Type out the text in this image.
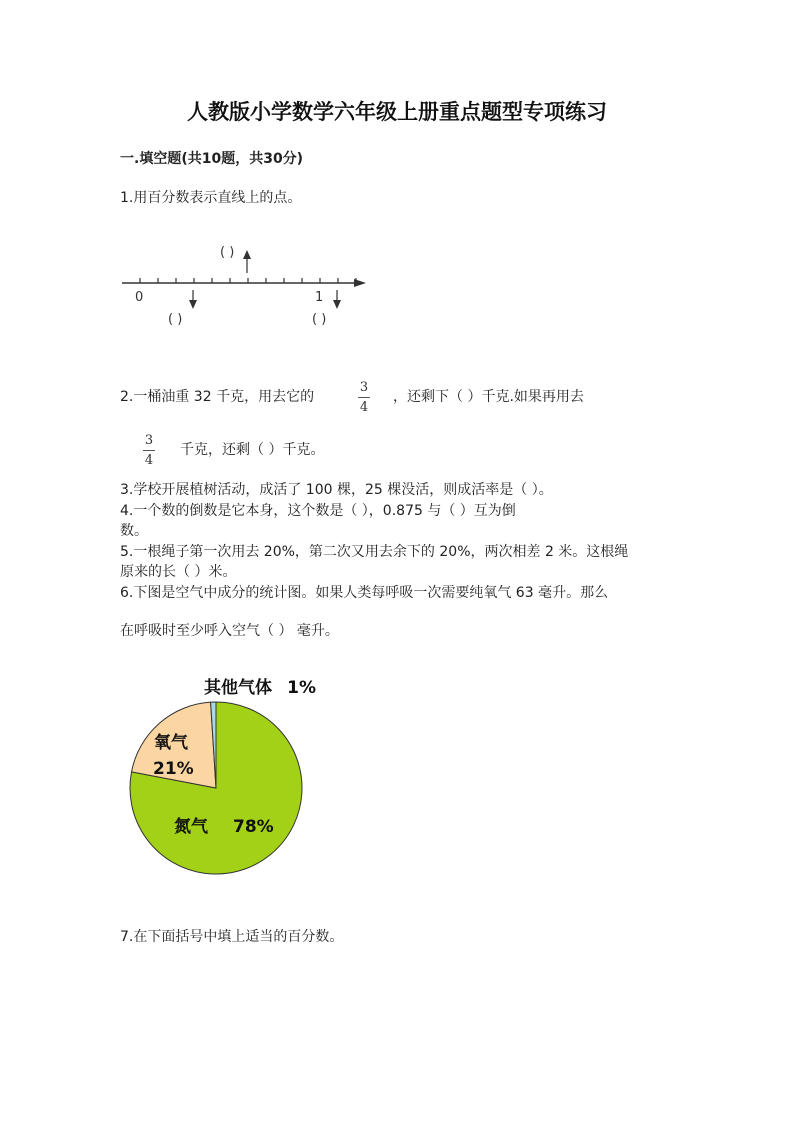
人教版小学数学六年级上册重点题型专项练习
一.填空题(共10题，共30分)
1.用百分数表示直线上的点。
0	1
( )
( )	( )
2.一桶油重 32 千克，用去它的
3
4
，还剩下（ ）千克.如果再用去
3
4
千克，还剩（ ）千克。
3.学校开展植树活动，成活了 100 棵，25 棵没活，则成活率是（ ）。
4.一个数的倒数是它本身，这个数是（ ），0.875 与（ ）互为倒
数。
5.一根绳子第一次用去 20%，第二次又用去余下的 20%，两次相差 2 米。这根绳
原来的长（ ）米。
6.下图是空气中成分的统计图。如果人类每呼吸一次需要纯氧气 63 毫升。那么
在呼吸时至少呼入空气（ ） 毫升。
其他气体 1%
氧气
21%
氮气 78%
7.在下面括号中填上适当的百分数。
